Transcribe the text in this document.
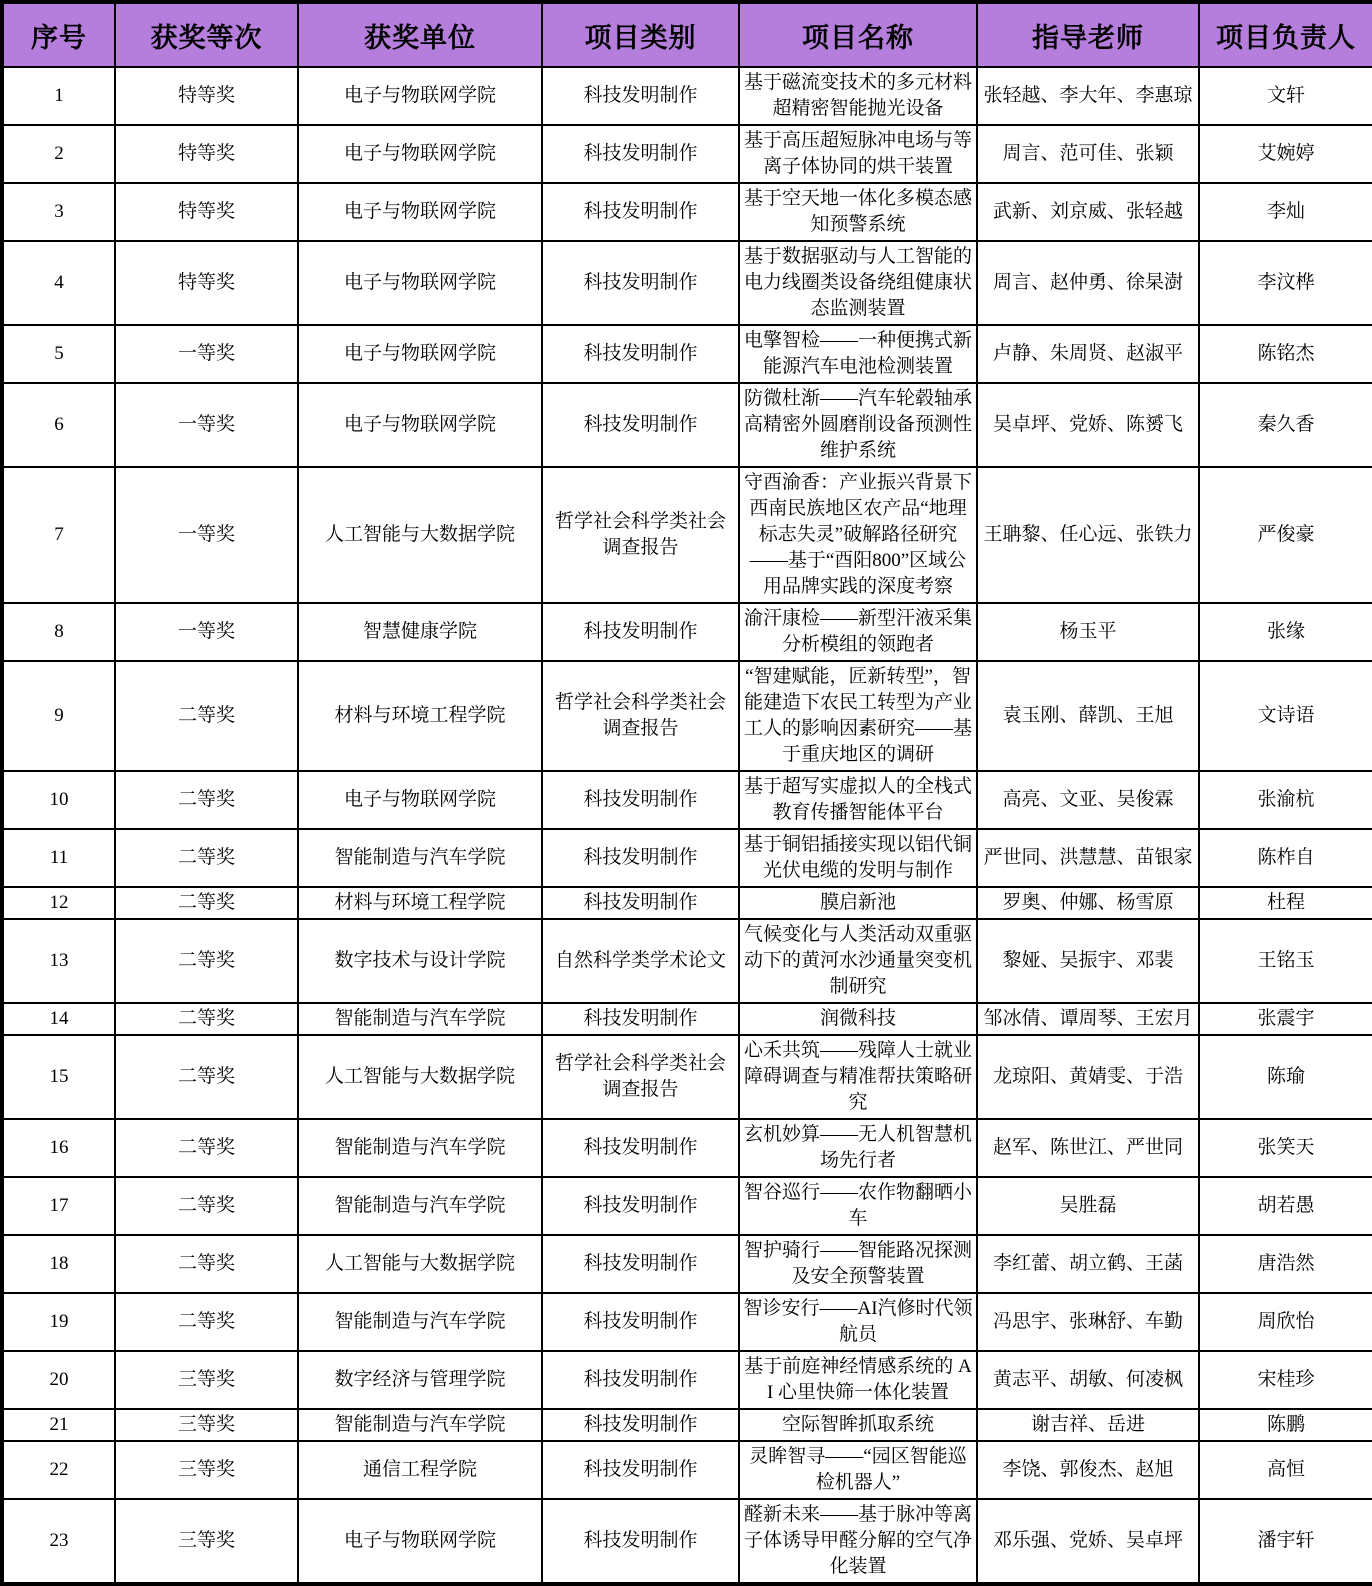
序号	获奖等次	获奖单位	项目类别	项目名称	指导老师	项目负责人
1	特等奖	电子与物联网学院	科技发明制作	基于磁流变技术的多元材料超精密智能抛光设备	张轻越、李大年、李惠琼	文轩
2	特等奖	电子与物联网学院	科技发明制作	基于高压超短脉冲电场与等离子体协同的烘干装置	周言、范可佳、张颖	艾婉婷
3	特等奖	电子与物联网学院	科技发明制作	基于空天地一体化多模态感知预警系统	武新、刘京威、张轻越	李灿
4	特等奖	电子与物联网学院	科技发明制作	基于数据驱动与人工智能的电力线圈类设备绕组健康状态监测装置	周言、赵仲勇、徐杲澍	李汶桦
5	一等奖	电子与物联网学院	科技发明制作	电擎智检——一种便携式新能源汽车电池检测装置	卢静、朱周贤、赵淑平	陈铭杰
6	一等奖	电子与物联网学院	科技发明制作	防微杜渐——汽车轮毂轴承高精密外圆磨削设备预测性维护系统	吴卓坪、党娇、陈赟飞	秦久香
7	一等奖	人工智能与大数据学院	哲学社会科学类社会调查报告	守酉渝香：产业振兴背景下西南民族地区农产品“地理标志失灵”破解路径研究——基于“酉阳800”区域公用品牌实践的深度考察	王聃黎、任心远、张铁力	严俊豪
8	一等奖	智慧健康学院	科技发明制作	渝汗康检——新型汗液采集分析模组的领跑者	杨玉平	张缘
9	二等奖	材料与环境工程学院	哲学社会科学类社会调查报告	“智建赋能，匠新转型”，智能建造下农民工转型为产业工人的影响因素研究——基于重庆地区的调研	袁玉刚、薛凯、王旭	文诗语
10	二等奖	电子与物联网学院	科技发明制作	基于超写实虚拟人的全栈式教育传播智能体平台	高亮、文亚、吴俊霖	张渝杭
11	二等奖	智能制造与汽车学院	科技发明制作	基于铜铝插接实现以铝代铜光伏电缆的发明与制作	严世同、洪慧慧、苗银家	陈柞自
12	二等奖	材料与环境工程学院	科技发明制作	膜启新池	罗奥、仲娜、杨雪原	杜程
13	二等奖	数字技术与设计学院	自然科学类学术论文	气候变化与人类活动双重驱动下的黄河水沙通量突变机制研究	黎娅、吴振宇、邓裴	王铭玉
14	二等奖	智能制造与汽车学院	科技发明制作	润微科技	邹冰倩、谭周琴、王宏月	张震宇
15	二等奖	人工智能与大数据学院	哲学社会科学类社会调查报告	心禾共筑——残障人士就业障碍调查与精准帮扶策略研究	龙琼阳、黄婧雯、于浩	陈瑜
16	二等奖	智能制造与汽车学院	科技发明制作	玄机妙算——无人机智慧机场先行者	赵军、陈世江、严世同	张笑天
17	二等奖	智能制造与汽车学院	科技发明制作	智谷巡行——农作物翻晒小车	吴胜磊	胡若愚
18	二等奖	人工智能与大数据学院	科技发明制作	智护骑行——智能路况探测及安全预警装置	李红蕾、胡立鹤、王菡	唐浩然
19	二等奖	智能制造与汽车学院	科技发明制作	智诊安行——AI汽修时代领航员	冯思宇、张琳舒、车勤	周欣怡
20	三等奖	数字经济与管理学院	科技发明制作	基于前庭神经情感系统的 AI 心里快筛一体化装置	黄志平、胡敏、何凌枫	宋桂珍
21	三等奖	智能制造与汽车学院	科技发明制作	空际智眸抓取系统	谢吉祥、岳进	陈鹏
22	三等奖	通信工程学院	科技发明制作	灵眸智寻——“园区智能巡检机器人”	李饶、郭俊杰、赵旭	高恒
23	三等奖	电子与物联网学院	科技发明制作	醛新未来——基于脉冲等离子体诱导甲醛分解的空气净化装置	邓乐强、党娇、吴卓坪	潘宇轩
